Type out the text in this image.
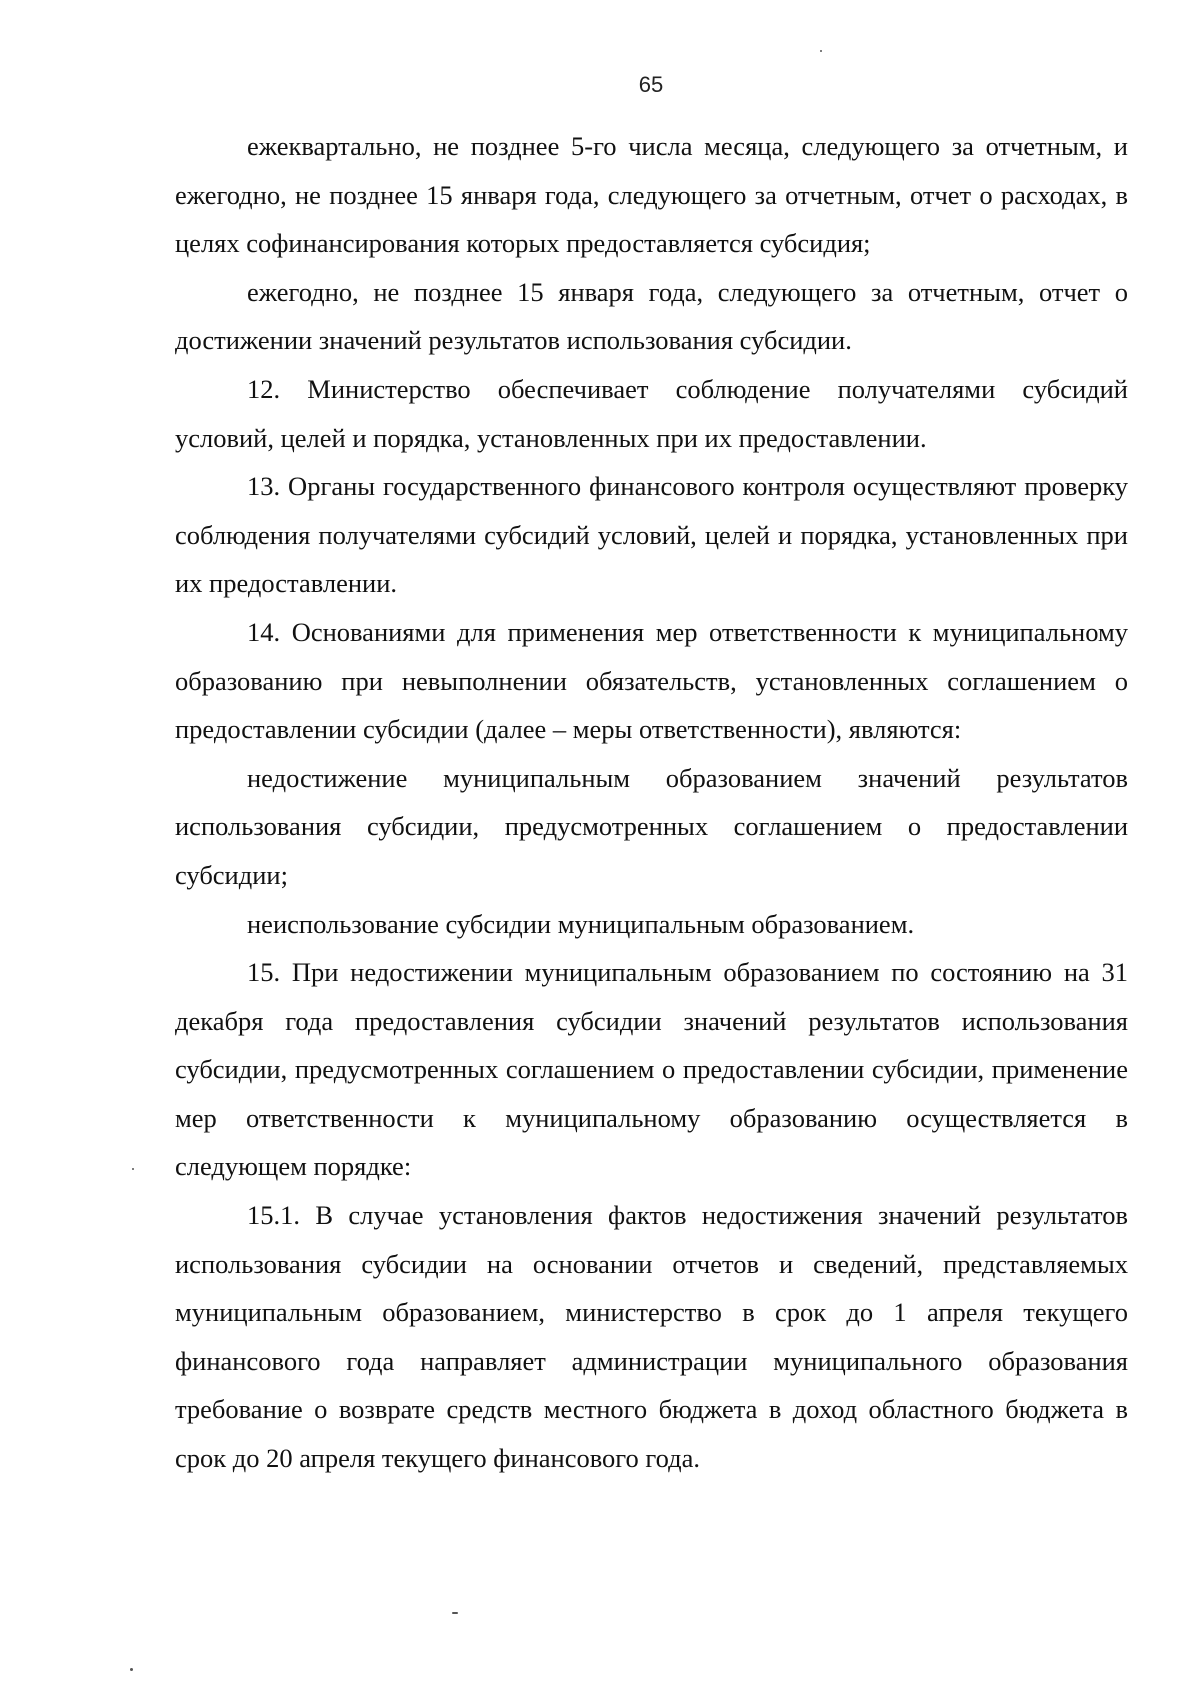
65

ежеквартально, не позднее 5-го числа месяца, следующего за отчетным, и ежегодно, не позднее 15 января года, следующего за отчетным, отчет о расходах, в целях софинансирования которых предоставляется субсидия;

ежегодно, не позднее 15 января года, следующего за отчетным, отчет о достижении значений результатов использования субсидии.

12. Министерство обеспечивает соблюдение получателями субсидий условий, целей и порядка, установленных при их предоставлении.

13. Органы государственного финансового контроля осуществляют проверку соблюдения получателями субсидий условий, целей и порядка, установленных при их предоставлении.

14. Основаниями для применения мер ответственности к муниципальному образованию при невыполнении обязательств, установленных соглашением о предоставлении субсидии (далее – меры ответственности), являются:

недостижение муниципальным образованием значений результатов использования субсидии, предусмотренных соглашением о предоставлении субсидии;

неиспользование субсидии муниципальным образованием.

15. При недостижении муниципальным образованием по состоянию на 31 декабря года предоставления субсидии значений результатов использования субсидии, предусмотренных соглашением о предоставлении субсидии, применение мер ответственности к муниципальному образованию осуществляется в следующем порядке:

15.1. В случае установления фактов недостижения значений результатов использования субсидии на основании отчетов и сведений, представляемых муниципальным образованием, министерство в срок до 1 апреля текущего финансового года направляет администрации муниципального образования требование о возврате средств местного бюджета в доход областного бюджета в срок до 20 апреля текущего финансового года.
